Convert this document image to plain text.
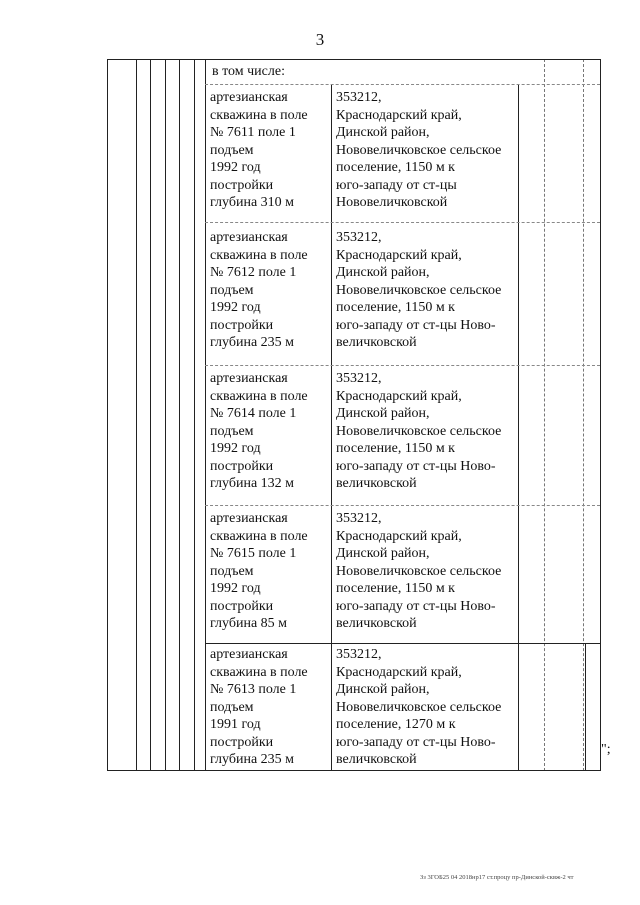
3
в том числе:
артезианская
скважина в поле
№ 7611 поле 1
подъем
1992 год
постройки
глубина 310 м
353212,
Краснодарский край,
Динской район,
Нововеличковское сельское
поселение, 1150 м к
юго-западу от ст-цы
Нововеличковской
артезианская
скважина в поле
№ 7612 поле 1
подъем
1992 год
постройки
глубина 235 м
353212,
Краснодарский край,
Динской район,
Нововеличковское сельское
поселение, 1150 м к
юго-западу от ст-цы Ново-
величковской
артезианская
скважина в поле
№ 7614 поле 1
подъем
1992 год
постройки
глубина 132 м
353212,
Краснодарский край,
Динской район,
Нововеличковское сельское
поселение, 1150 м к
юго-западу от ст-цы Ново-
величковской
артезианская
скважина в поле
№ 7615 поле 1
подъем
1992 год
постройки
глубина 85 м
353212,
Краснодарский край,
Динской район,
Нововеличковское сельское
поселение, 1150 м к
юго-западу от ст-цы Ново-
величковской
артезианская
скважина в поле
№ 7613 поле 1
подъем
1991 год
постройки
глубина 235 м
353212,
Краснодарский край,
Динской район,
Нововеличковское сельское
поселение, 1270 м к
юго-западу от ст-цы Ново-
величковской
";
Зз 3ГОБ25 04 2018нр17 ст.процу пр-Динской-сквж-2 чт
